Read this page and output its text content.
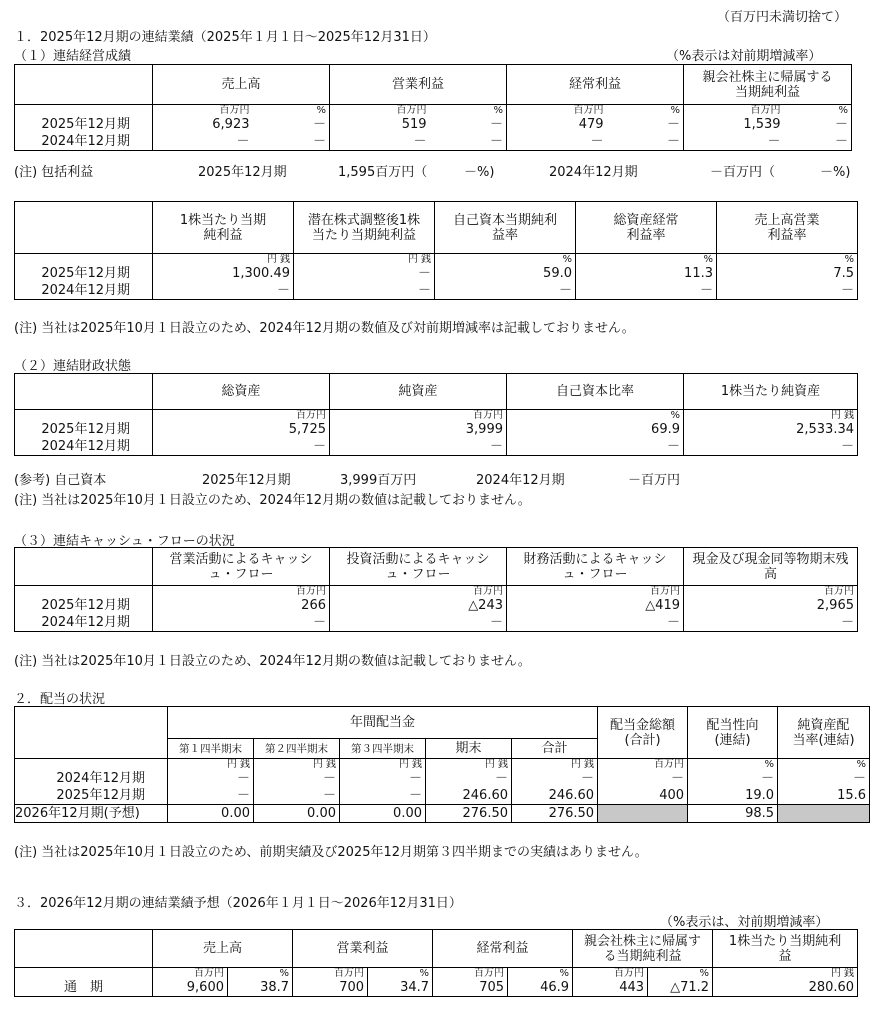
（百万円未満切捨て）
１．2025年12月期の連結業績（2025年１月１日～2025年12月31日）
（１）連結経営成績	（%表示は対前期増減率）
	売上高		営業利益		経常利益		親会社株主に帰属する当期純利益	
	百万円	%	百万円	%	百万円	%	百万円	%
2025年12月期	6,923	－	519	－	479	－	1,539	－
2024年12月期	－	－	－	－	－	－	－	－
(注) 包括利益	2025年12月期	1,595百万円（	－%)	2024年12月期	－百万円（	－%)
	1株当たり当期純利益	潜在株式調整後1株当たり当期純利益	自己資本当期純利益率	総資産経常利益率	売上高営業利益率
	円 銭	円 銭	%	%	%
2025年12月期	1,300.49	－	59.0	11.3	7.5
2024年12月期	－	－	－	－	－
(注) 当社は2025年10月１日設立のため、2024年12月期の数値及び対前期増減率は記載しておりません。
（２）連結財政状態
	総資産	純資産	自己資本比率	1株当たり純資産
	百万円	百万円	%	円 銭
2025年12月期	5,725	3,999	69.9	2,533.34
2024年12月期	－	－	－	－
(参考) 自己資本	2025年12月期	3,999百万円	2024年12月期	－百万円
(注) 当社は2025年10月１日設立のため、2024年12月期の数値は記載しておりません。
（３）連結キャッシュ・フローの状況
	営業活動によるキャッシュ・フロー	投資活動によるキャッシュ・フロー	財務活動によるキャッシュ・フロー	現金及び現金同等物期末残高
	百万円	百万円	百万円	百万円
2025年12月期	266	△243	△419	2,965
2024年12月期	－	－	－	－
(注) 当社は2025年10月１日設立のため、2024年12月期の数値は記載しておりません。
２．配当の状況
	年間配当金					配当金総額(合計)	配当性向(連結)	純資産配当率(連結)
	第１四半期末	第２四半期末	第３四半期末	期末	合計			
	円 銭	円 銭	円 銭	円 銭	円 銭	百万円	%	%
2024年12月期	－	－	－	－	－	－	－	－
2025年12月期	－	－	－	246.60	246.60	400	19.0	15.6
2026年12月期(予想)	0.00	0.00	0.00	276.50	276.50		98.5	
(注) 当社は2025年10月１日設立のため、前期実績及び2025年12月期第３四半期までの実績はありません。
３．2026年12月期の連結業績予想（2026年１月１日～2026年12月31日）
（%表示は、対前期増減率）
	売上高		営業利益		経常利益		親会社株主に帰属する当期純利益		1株当たり当期純利益
	百万円	%	百万円	%	百万円	%	百万円	%	円 銭
通　期	9,600	38.7	700	34.7	705	46.9	443	△71.2	280.60
